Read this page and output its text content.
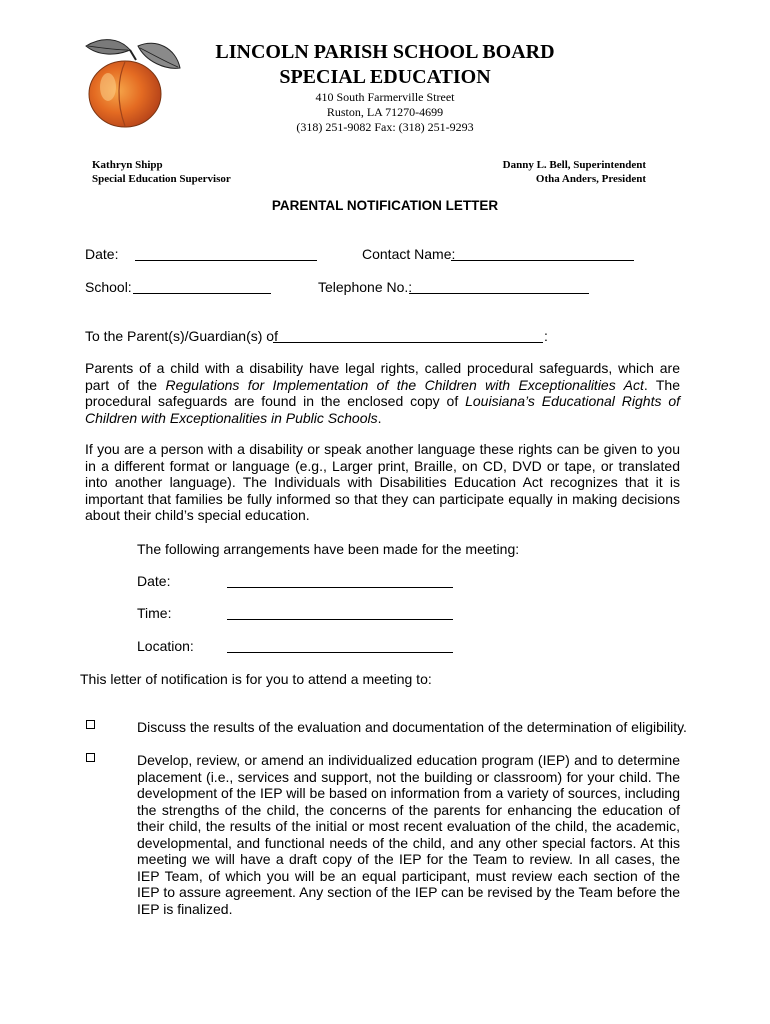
LINCOLN PARISH SCHOOL BOARD
SPECIAL EDUCATION
410 South Farmerville Street
Ruston, LA 71270-4699
(318) 251-9082 Fax: (318) 251-9293
Kathryn Shipp
Special Education Supervisor
Danny L. Bell, Superintendent
Otha Anders, President
PARENTAL NOTIFICATION LETTER
Date:	Contact Name:
School:	Telephone No.:
To the Parent(s)/Guardian(s) of	:
Parents of a child with a disability have legal rights, called procedural safeguards, which are part of the Regulations for Implementation of the Children with Exceptionalities Act. The procedural safeguards are found in the enclosed copy of Louisiana’s Educational Rights of Children with Exceptionalities in Public Schools.
If you are a person with a disability or speak another language these rights can be given to you in a different format or language (e.g., Larger print, Braille, on CD, DVD or tape, or translated into another language). The Individuals with Disabilities Education Act recognizes that it is important that families be fully informed so that they can participate equally in making decisions about their child’s special education.
The following arrangements have been made for the meeting:
Date:
Time:
Location:
This letter of notification is for you to attend a meeting to:
Discuss the results of the evaluation and documentation of the determination of eligibility.
Develop, review, or amend an individualized education program (IEP) and to determine placement (i.e., services and support, not the building or classroom) for your child. The development of the IEP will be based on information from a variety of sources, including the strengths of the child, the concerns of the parents for enhancing the education of their child, the results of the initial or most recent evaluation of the child, the academic, developmental, and functional needs of the child, and any other special factors. At this meeting we will have a draft copy of the IEP for the Team to review. In all cases, the IEP Team, of which you will be an equal participant, must review each section of the IEP to assure agreement. Any section of the IEP can be revised by the Team before the IEP is finalized.
